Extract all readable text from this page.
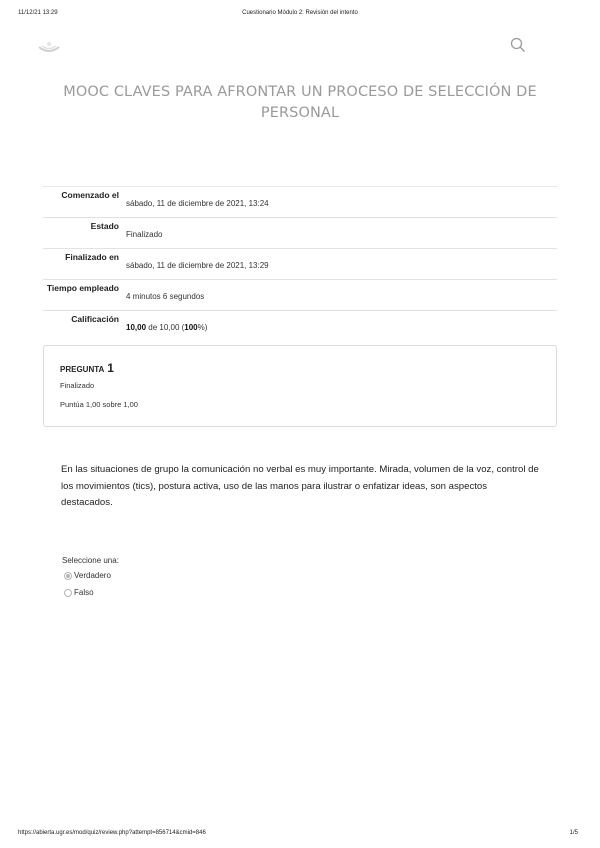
11/12/21 13:29	Cuestionario Módulo 2: Revisión del intento
MOOC CLAVES PARA AFRONTAR UN PROCESO DE SELECCIÓN DE PERSONAL
Comenzado el
sábado, 11 de diciembre de 2021, 13:24
Estado
Finalizado
Finalizado en
sábado, 11 de diciembre de 2021, 13:29
Tiempo empleado
4 minutos 6 segundos
Calificación
10,00 de 10,00 (100%)
PREGUNTA 1
Finalizado
Puntúa 1,00 sobre 1,00
En las situaciones de grupo la comunicación no verbal es muy importante. Mirada, volumen de la voz, control de los movimientos (tics), postura activa, uso de las manos para ilustrar o enfatizar ideas, son aspectos destacados.
Seleccione una:
Verdadero
Falso
https://abierta.ugr.es/mod/quiz/review.php?attempt=856714&cmid=846	1/5
